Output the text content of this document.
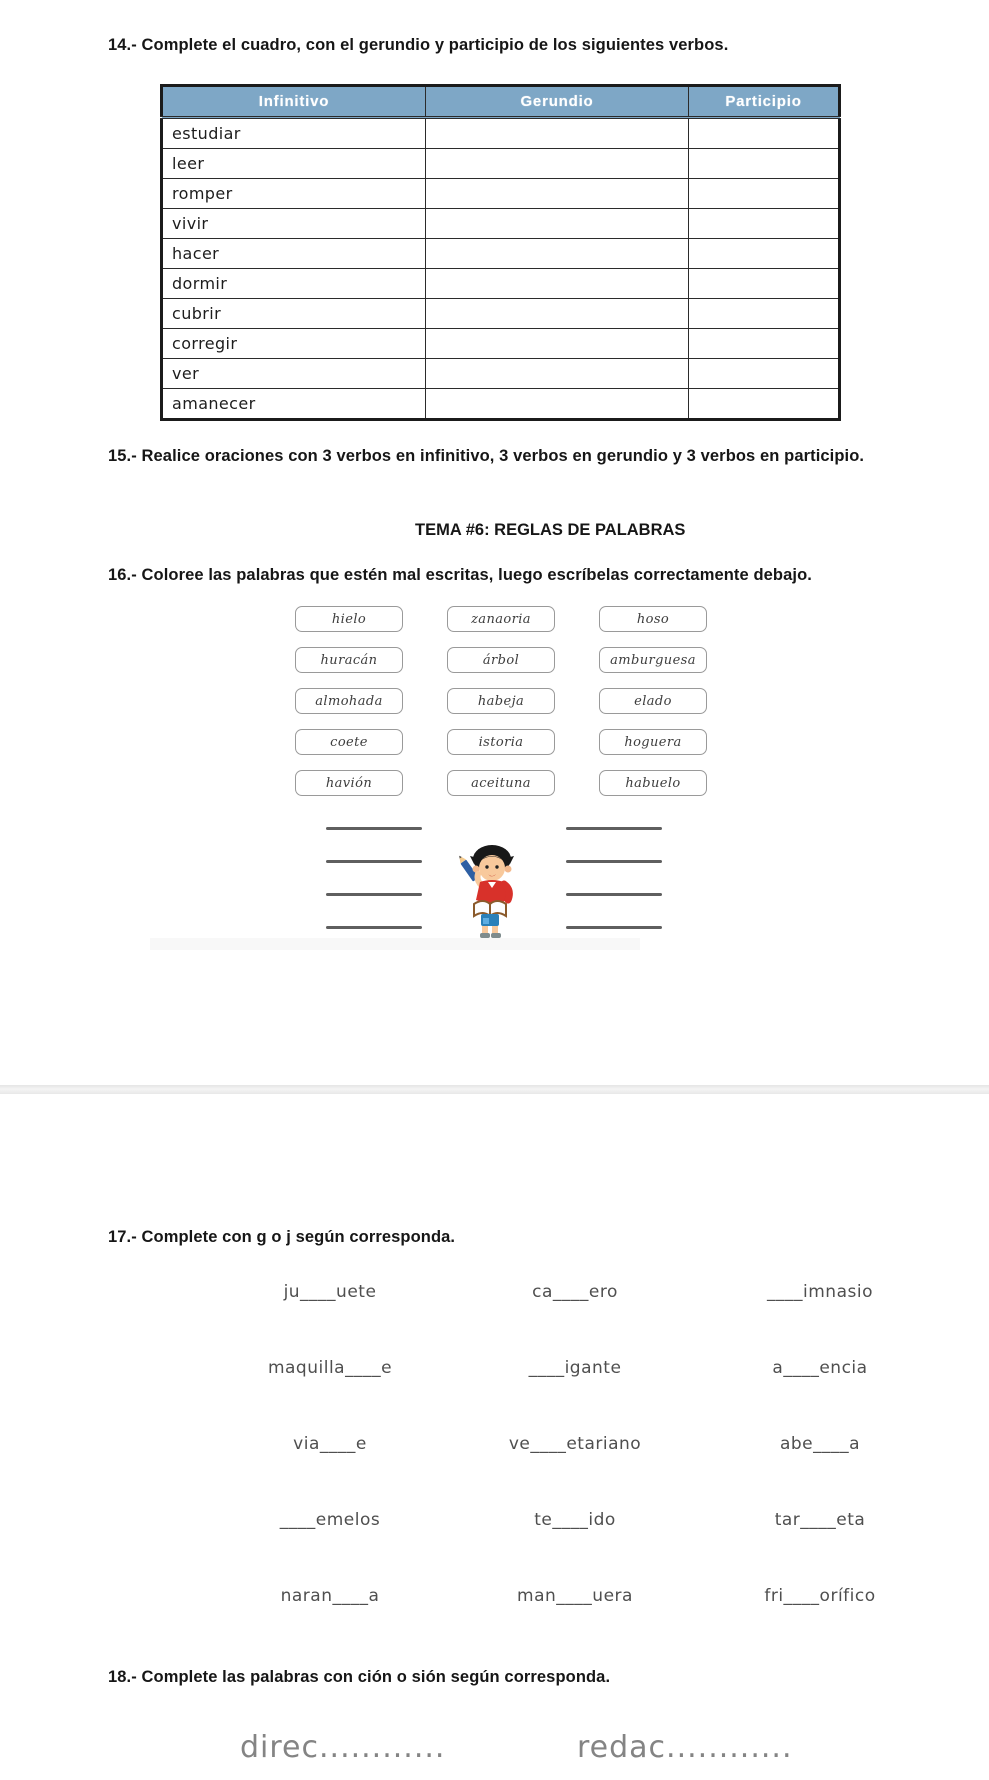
14.- Complete el cuadro, con el gerundio y participio de los siguientes verbos.
Infinitivo	Gerundio	Participio
estudiar		
leer		
romper		
vivir		
hacer		
dormir		
cubrir		
corregir		
ver		
amanecer		
15.- Realice oraciones con 3 verbos en infinitivo, 3 verbos en gerundio y 3 verbos en participio.
TEMA #6: REGLAS DE PALABRAS
16.- Coloree las palabras que estén mal escritas, luego escríbelas correctamente debajo.
hielo	zanaoria	hoso
huracán	árbol	amburguesa
almohada	habeja	elado
coete	istoria	hoguera
havión	aceituna	habuelo
17.- Complete con g o j según corresponda.
ju____uete	ca____ero	____imnasio
maquilla____e	____igante	a____encia
via____e	ve____etariano	abe____a
____emelos	te____ido	tar____eta
naran____a	man____uera	fri____orífico
18.- Complete las palabras con ción o sión según corresponda.
direc............	redac............
